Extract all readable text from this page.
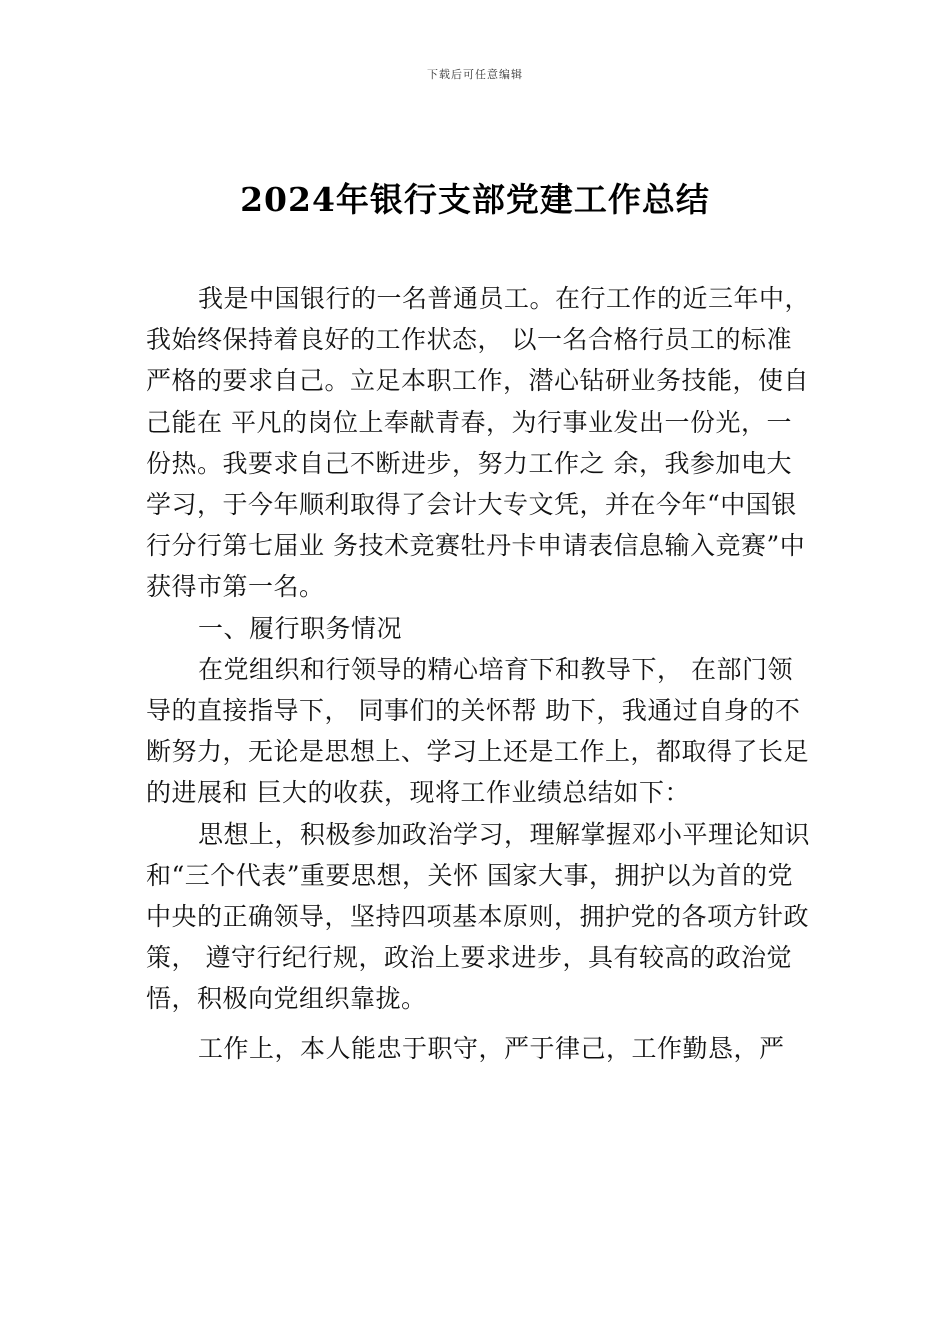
下载后可任意编辑
2024年银行支部党建工作总结

我是中国银行的一名普通员工。在行工作的近三年中，我始终保持着良好的工作状态， 以一名合格行员工的标准严格的要求自己。立足本职工作，潜心钻研业务技能，使自己能在 平凡的岗位上奉献青春，为行事业发出一份光，一份热。我要求自己不断进步，努力工作之 余，我参加电大学习，于今年顺利取得了会计大专文凭，并在今年“中国银行分行第七届业 务技术竞赛牡丹卡申请表信息输入竞赛”中获得市第一名。

一、履行职务情况

在党组织和行领导的精心培育下和教导下， 在部门领导的直接指导下， 同事们的关怀帮 助下，我通过自身的不断努力，无论是思想上、学习上还是工作上，都取得了长足的进展和 巨大的收获，现将工作业绩总结如下：

思想上，积极参加政治学习，理解掌握邓小平理论知识和“三个代表”重要思想，关怀 国家大事，拥护以为首的党中央的正确领导，坚持四项基本原则，拥护党的各项方针政策， 遵守行纪行规，政治上要求进步，具有较高的政治觉悟，积极向党组织靠拢。

工作上，本人能忠于职守，严于律己，工作勤恳，严
